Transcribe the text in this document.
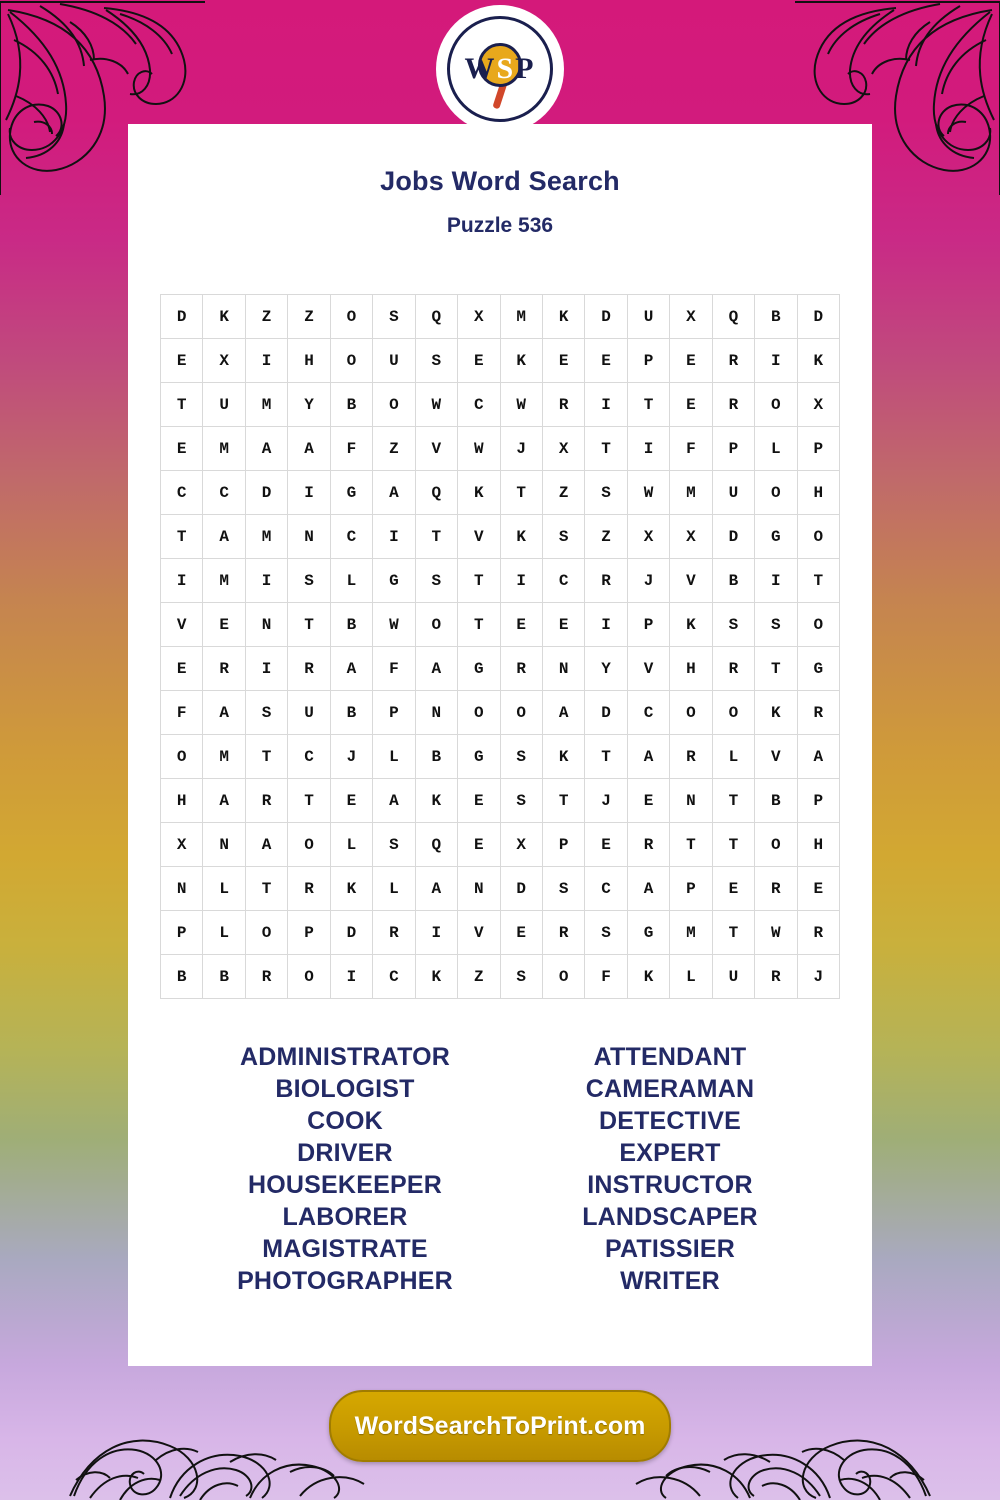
WSP
Jobs Word Search
Puzzle 536
D	K	Z	Z	O	S	Q	X	M	K	D	U	X	Q	B	D
E	X	I	H	O	U	S	E	K	E	E	P	E	R	I	K
T	U	M	Y	B	O	W	C	W	R	I	T	E	R	O	X
E	M	A	A	F	Z	V	W	J	X	T	I	F	P	L	P
C	C	D	I	G	A	Q	K	T	Z	S	W	M	U	O	H
T	A	M	N	C	I	T	V	K	S	Z	X	X	D	G	O
I	M	I	S	L	G	S	T	I	C	R	J	V	B	I	T
V	E	N	T	B	W	O	T	E	E	I	P	K	S	S	O
E	R	I	R	A	F	A	G	R	N	Y	V	H	R	T	G
F	A	S	U	B	P	N	O	O	A	D	C	O	O	K	R
O	M	T	C	J	L	B	G	S	K	T	A	R	L	V	A
H	A	R	T	E	A	K	E	S	T	J	E	N	T	B	P
X	N	A	O	L	S	Q	E	X	P	E	R	T	T	O	H
N	L	T	R	K	L	A	N	D	S	C	A	P	E	R	E
P	L	O	P	D	R	I	V	E	R	S	G	M	T	W	R
B	B	R	O	I	C	K	Z	S	O	F	K	L	U	R	J
ADMINISTRATOR
BIOLOGIST
COOK
DRIVER
HOUSEKEEPER
LABORER
MAGISTRATE
PHOTOGRAPHER
ATTENDANT
CAMERAMAN
DETECTIVE
EXPERT
INSTRUCTOR
LANDSCAPER
PATISSIER
WRITER
WordSearchToPrint.com
